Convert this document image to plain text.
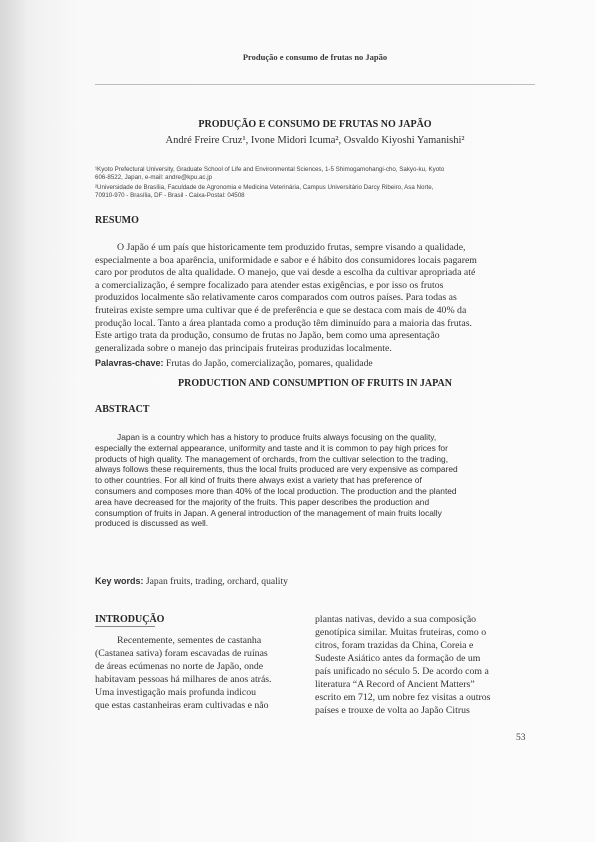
Produção e consumo de frutas no Japão
PRODUÇÃO E CONSUMO DE FRUTAS NO JAPÃO
André Freire Cruz¹, Ivone Midori Icuma², Osvaldo Kiyoshi Yamanishi²
¹Kyoto Prefectural University, Graduate School of Life and Environmental Sciences, 1-5 Shimogamohangi-cho, Sakyo-ku, Kyoto
606-8522, Japan, e-mail: andre@kpu.ac.jp
²Universidade de Brasília, Faculdade de Agronomia e Medicina Veterinária, Campus Universitário Darcy Ribeiro, Asa Norte,
70910-970 - Brasília, DF - Brasil - Caixa-Postal: 04508
RESUMO
O Japão é um país que historicamente tem produzido frutas, sempre visando a qualidade,
especialmente a boa aparência, uniformidade e sabor e é hábito dos consumidores locais pagarem
caro por produtos de alta qualidade. O manejo, que vai desde a escolha da cultivar apropriada até
a comercialização, é sempre focalizado para atender estas exigências, e por isso os frutos
produzidos localmente são relativamente caros comparados com outros países. Para todas as
fruteiras existe sempre uma cultivar que é de preferência e que se destaca com mais de 40% da
produção local. Tanto a área plantada como a produção têm diminuído para a maioria das frutas.
Este artigo trata da produção, consumo de frutas no Japão, bem como uma apresentação
generalizada sobre o manejo das principais fruteiras produzidas localmente.
Palavras-chave: Frutas do Japão, comercialização, pomares, qualidade
PRODUCTION AND CONSUMPTION OF FRUITS IN JAPAN
ABSTRACT
Japan is a country which has a history to produce fruits always focusing on the quality,
especially the external appearance, uniformity and taste and it is common to pay high prices for
products of high quality. The management of orchards, from the cultivar selection to the trading,
always follows these requirements, thus the local fruits produced are very expensive as compared
to other countries. For all kind of fruits there always exist a variety that has preference of
consumers and composes more than 40% of the local production. The production and the planted
area have decreased for the majority of the fruits. This paper describes the production and
consumption of fruits in Japan. A general introduction of the management of main fruits locally
produced is discussed as well.
Key words: Japan fruits, trading, orchard, quality
INTRODUÇÃO
Recentemente, sementes de castanha
(Castanea sativa) foram escavadas de ruínas
de áreas ecúmenas no norte de Japão, onde
habitavam pessoas há milhares de anos atrás.
Uma investigação mais profunda indicou
que estas castanheiras eram cultivadas e não
plantas nativas, devido a sua composição
genotípica similar. Muitas fruteiras, como o
citros, foram trazidas da China, Coreia e
Sudeste Asiático antes da formação de um
país unificado no século 5. De acordo com a
literatura “A Record of Ancient Matters”
escrito em 712, um nobre fez visitas a outros
países e trouxe de volta ao Japão Citrus
53
